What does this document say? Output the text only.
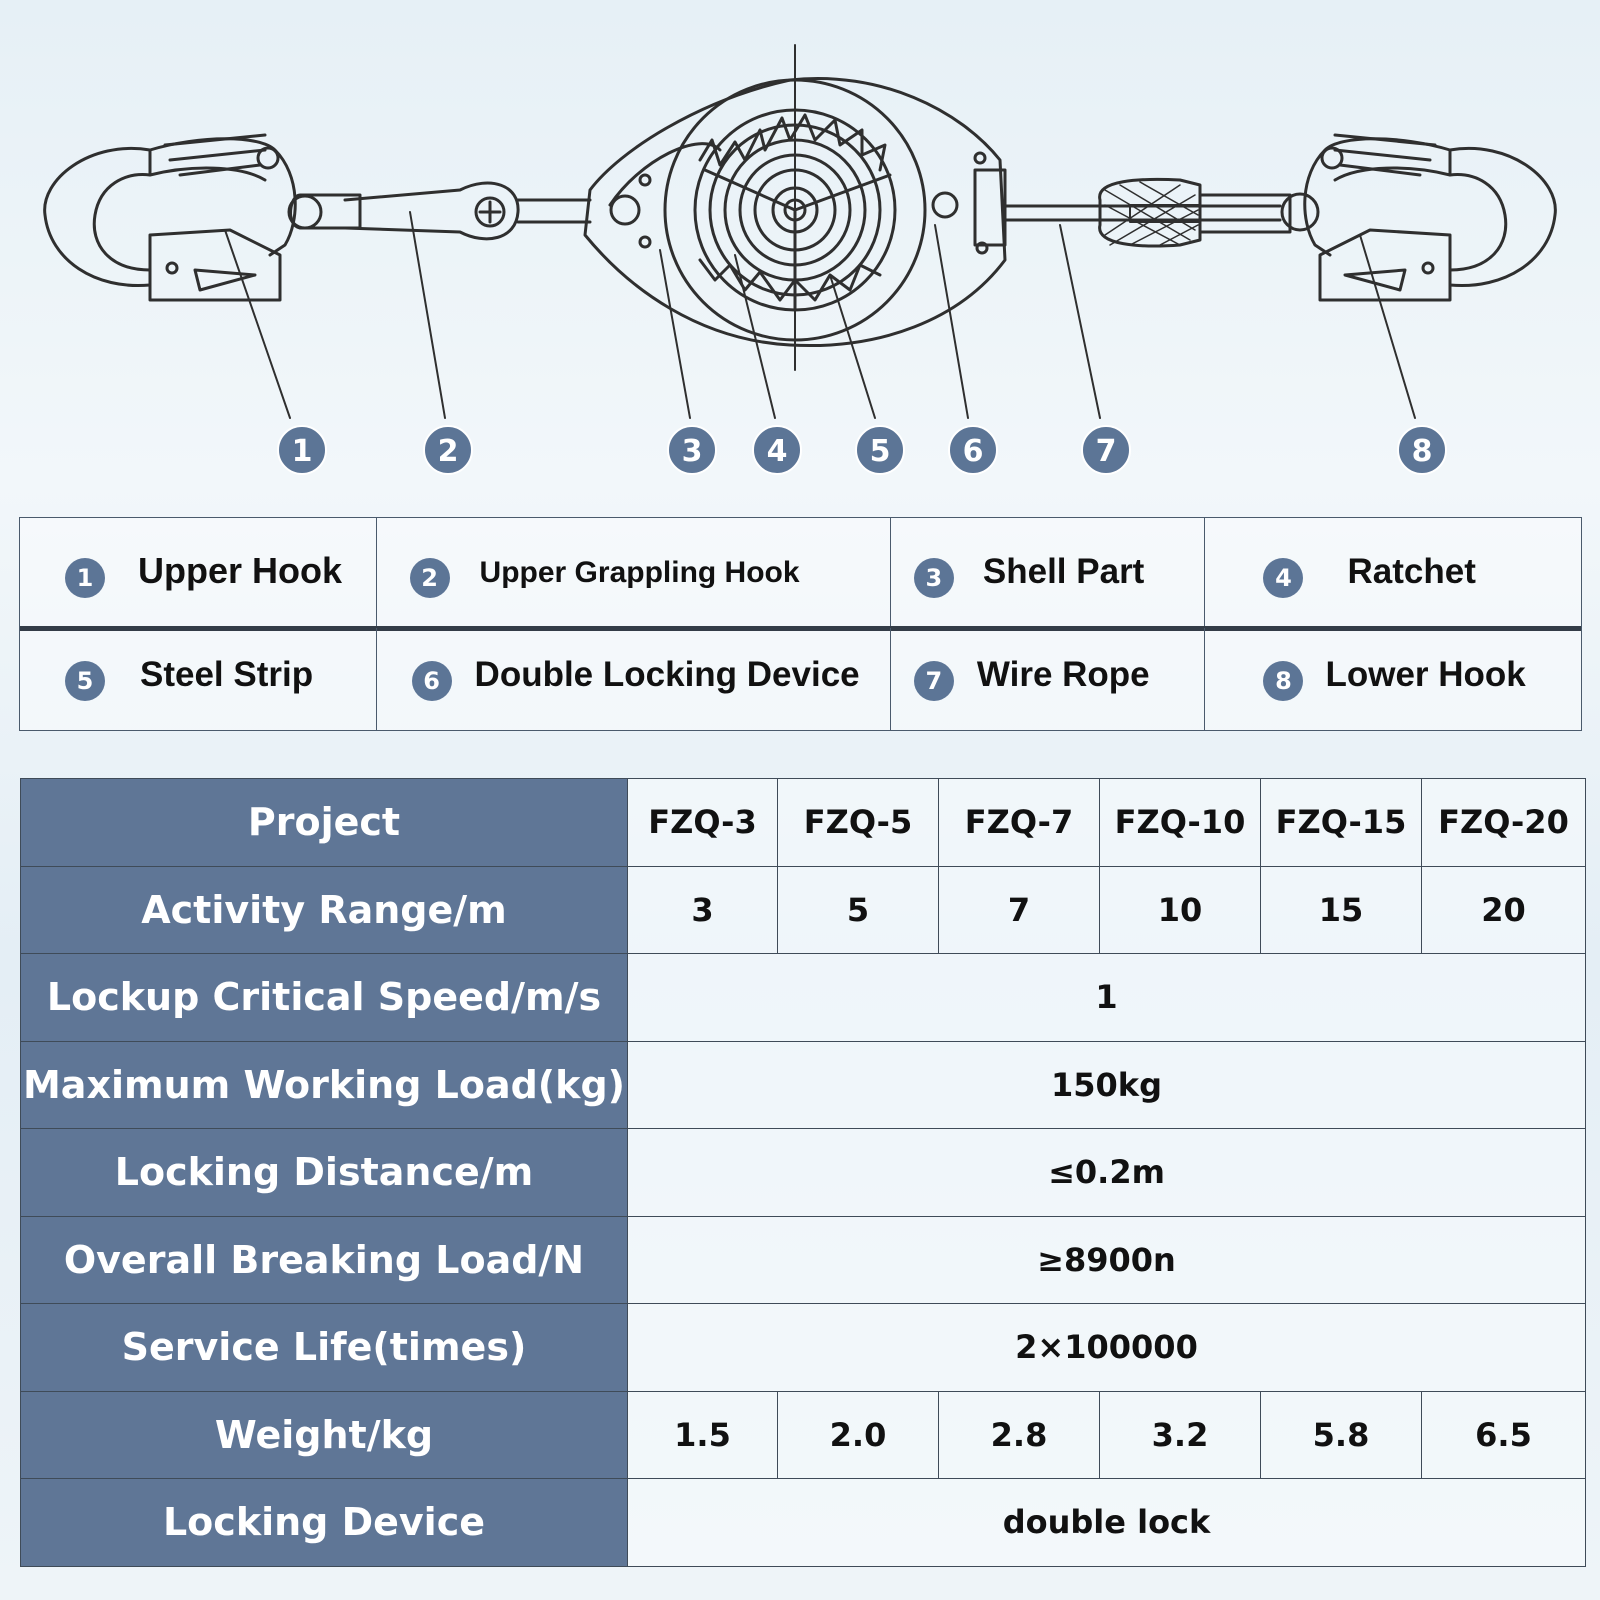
1	2	3 4	5 6	7	8
1	Upper Hook	2	Upper Grappling Hook	3	Shell Part	4	Ratchet
5	Steel Strip	6 Double Locking Device	7 Wire Rope	8 Lower Hook
Project	FZQ-3	FZQ-5	FZQ-7	FZQ-10	FZQ-15	FZQ-20
Activity Range/m	3	5	7	10	15	20
Lockup Critical Speed/m/s	1					
Maximum Working Load(kg)	150kg					
Locking Distance/m	≤0.2m					
Overall Breaking Load/N	≥8900n					
Service Life(times)	2×100000					
Weight/kg	1.5	2.0	2.8	3.2	5.8	6.5
Locking Device	double lock					
